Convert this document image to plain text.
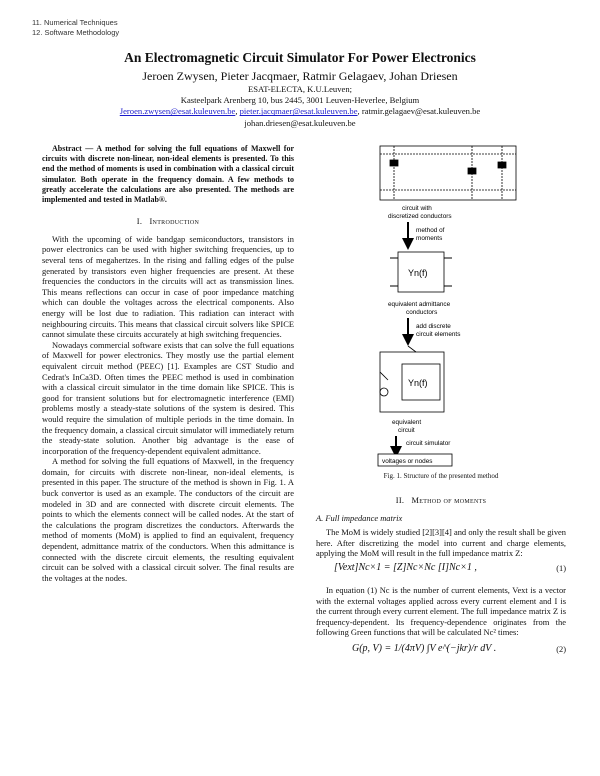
11. Numerical Techniques
12. Software Methodology
An Electromagnetic Circuit Simulator For Power Electronics
Jeroen Zwysen, Pieter Jacqmaer, Ratmir Gelagaev, Johan Driesen
ESAT-ELECTA, K.U.Leuven;
Kasteelpark Arenberg 10, bus 2445, 3001 Leuven-Heverlee, Belgium
Jeroen.zwysen@esat.kuleuven.be, pieter.jacqmaer@esat.kuleuven.be, ratmir.gelagaev@esat.kuleuven.be
johan.driesen@esat.kuleuven.be

Abstract — A method for solving the full equations of Maxwell for circuits with discrete non-linear, non-ideal elements is presented. To this end the method of moments is used in combination with a classical circuit simulator. Both operate in the frequency domain. A few methods to greatly accelerate the calculations are also presented. The methods are implemented and tested in Matlab®.

I. Introduction

With the upcoming of wide bandgap semiconductors, transistors in power electronics can be used with higher switching frequencies, up to several tens of megahertzes. In the rising and falling edges of the pulse generated by transistors even higher frequencies are present. At these frequencies the conductors in the circuits will act as transmission lines. This means reflections can occur in case of poor impedance matching which can double the voltages across the electrical components. Also energy will be lost due to radiation. This radiation can interact with neighbouring circuits. This means that classical circuit solvers like SPICE cannot simulate these circuits accurately at high switching frequencies.

Nowadays commercial software exists that can solve the full equations of Maxwell for power electronics. They mostly use the partial element equivalent circuit method (PEEC) [1]. Examples are CST Studio and Cedrat's InCa3D. Often times the PEEC method is used in combination with a classical circuit simulator in the time domain like SPICE. This is good for transient solutions but for electromagnetic interference (EMI) problems mostly a steady-state solutions of the system is desired. This would require the simulation of multiple periods in the time domain. In the frequency domain, a classical circuit simulator will immediately return the steady-state solution. Another big advantage is the ease of incorporation of the frequency-dependent equivalent admittance.

A method for solving the full equations of Maxwell, in the frequency domain, for circuits with discrete non-linear, non-ideal elements, is presented in this paper. The structure of the method is shown in Fig. 1. A buck convertor is used as an example. The conductors of the circuit are modeled in 3D and are connected with discrete circuit elements. The points to which the elements connect will be called nodes. At the start of the calculations the program discretizes the conductors. Afterwards the method of moments (MoM) is applied to find an equivalent, frequency dependent, admittance matrix of the conductors. When this admittance is connected with the discrete circuit elements, the resulting equivalent circuit can be solved with a classical circuit solver. The final results are the voltages at the nodes.

circuit with
discretized conductors
method of
moments
Yn(f)
equivalent admittance
conductors
add discrete
circuit elements
Yn(f)
equivalent
circuit
circuit simulator
voltages or nodes
Fig. 1. Structure of the presented method
II. Method of moments
A. Full impedance matrix

The MoM is widely studied [2][3][4] and only the result shall be given here. After discretizing the model into current and charge elements, applying the MoM will result in the full impedance matrix Z:

[Vext]Nc×1 = [Z]Nc×Nc [I]Nc×1 ,	(1)

In equation (1) Nc is the number of current elements, Vext is a vector with the external voltages applied across every current element and I is the current through every current element. The full impedance matrix Z is frequency-dependent. Its frequency-dependence originates from the following Green functions that will be calculated Nc² times:

G(p, V) = 1/(4πV) ∫V e^(−jkr)/r dV .	(2)
